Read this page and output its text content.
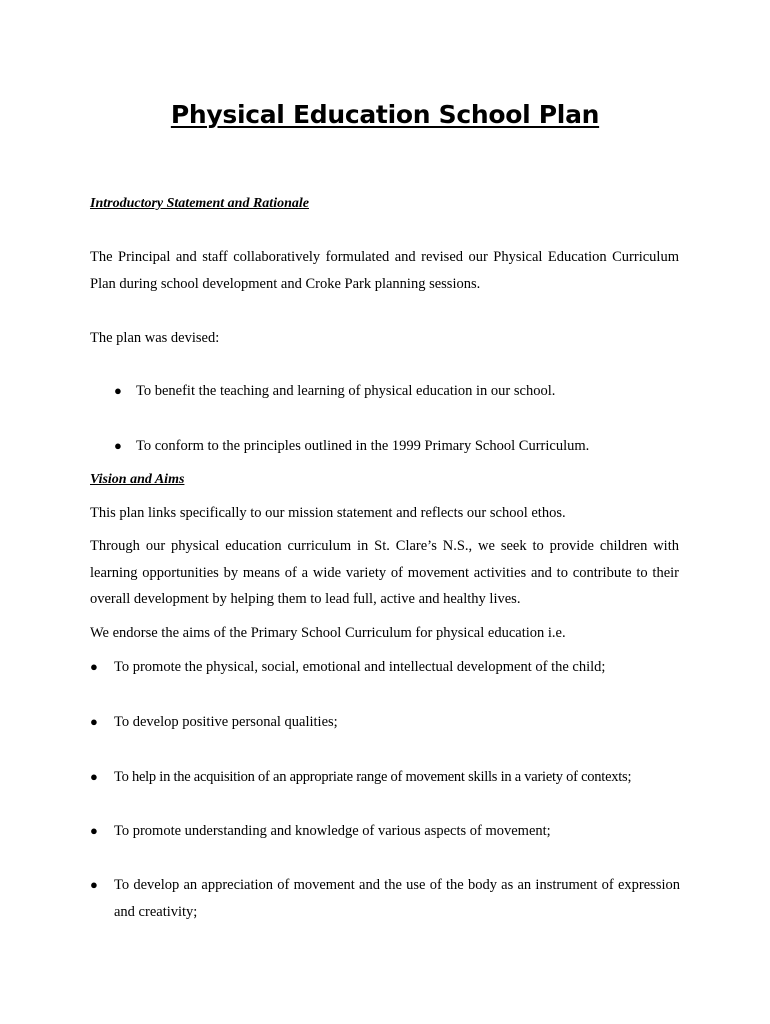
Physical Education School Plan
Introductory Statement and Rationale
The Principal and staff collaboratively formulated and revised our Physical Education Curriculum Plan during school development and Croke Park planning sessions.
The plan was devised:
● To benefit the teaching and learning of physical education in our school.
● To conform to the principles outlined in the 1999 Primary School Curriculum.
Vision and Aims
This plan links specifically to our mission statement and reflects our school ethos.
Through our physical education curriculum in St. Clare’s N.S., we seek to provide children with learning opportunities by means of a wide variety of movement activities and to contribute to their overall development by helping them to lead full, active and healthy lives.
We endorse the aims of the Primary School Curriculum for physical education i.e.
● To promote the physical, social, emotional and intellectual development of the child;
● To develop positive personal qualities;
● To help in the acquisition of an appropriate range of movement skills in a variety of contexts;
● To promote understanding and knowledge of various aspects of movement;
● To develop an appreciation of movement and the use of the body as an instrument of expression and creativity;
